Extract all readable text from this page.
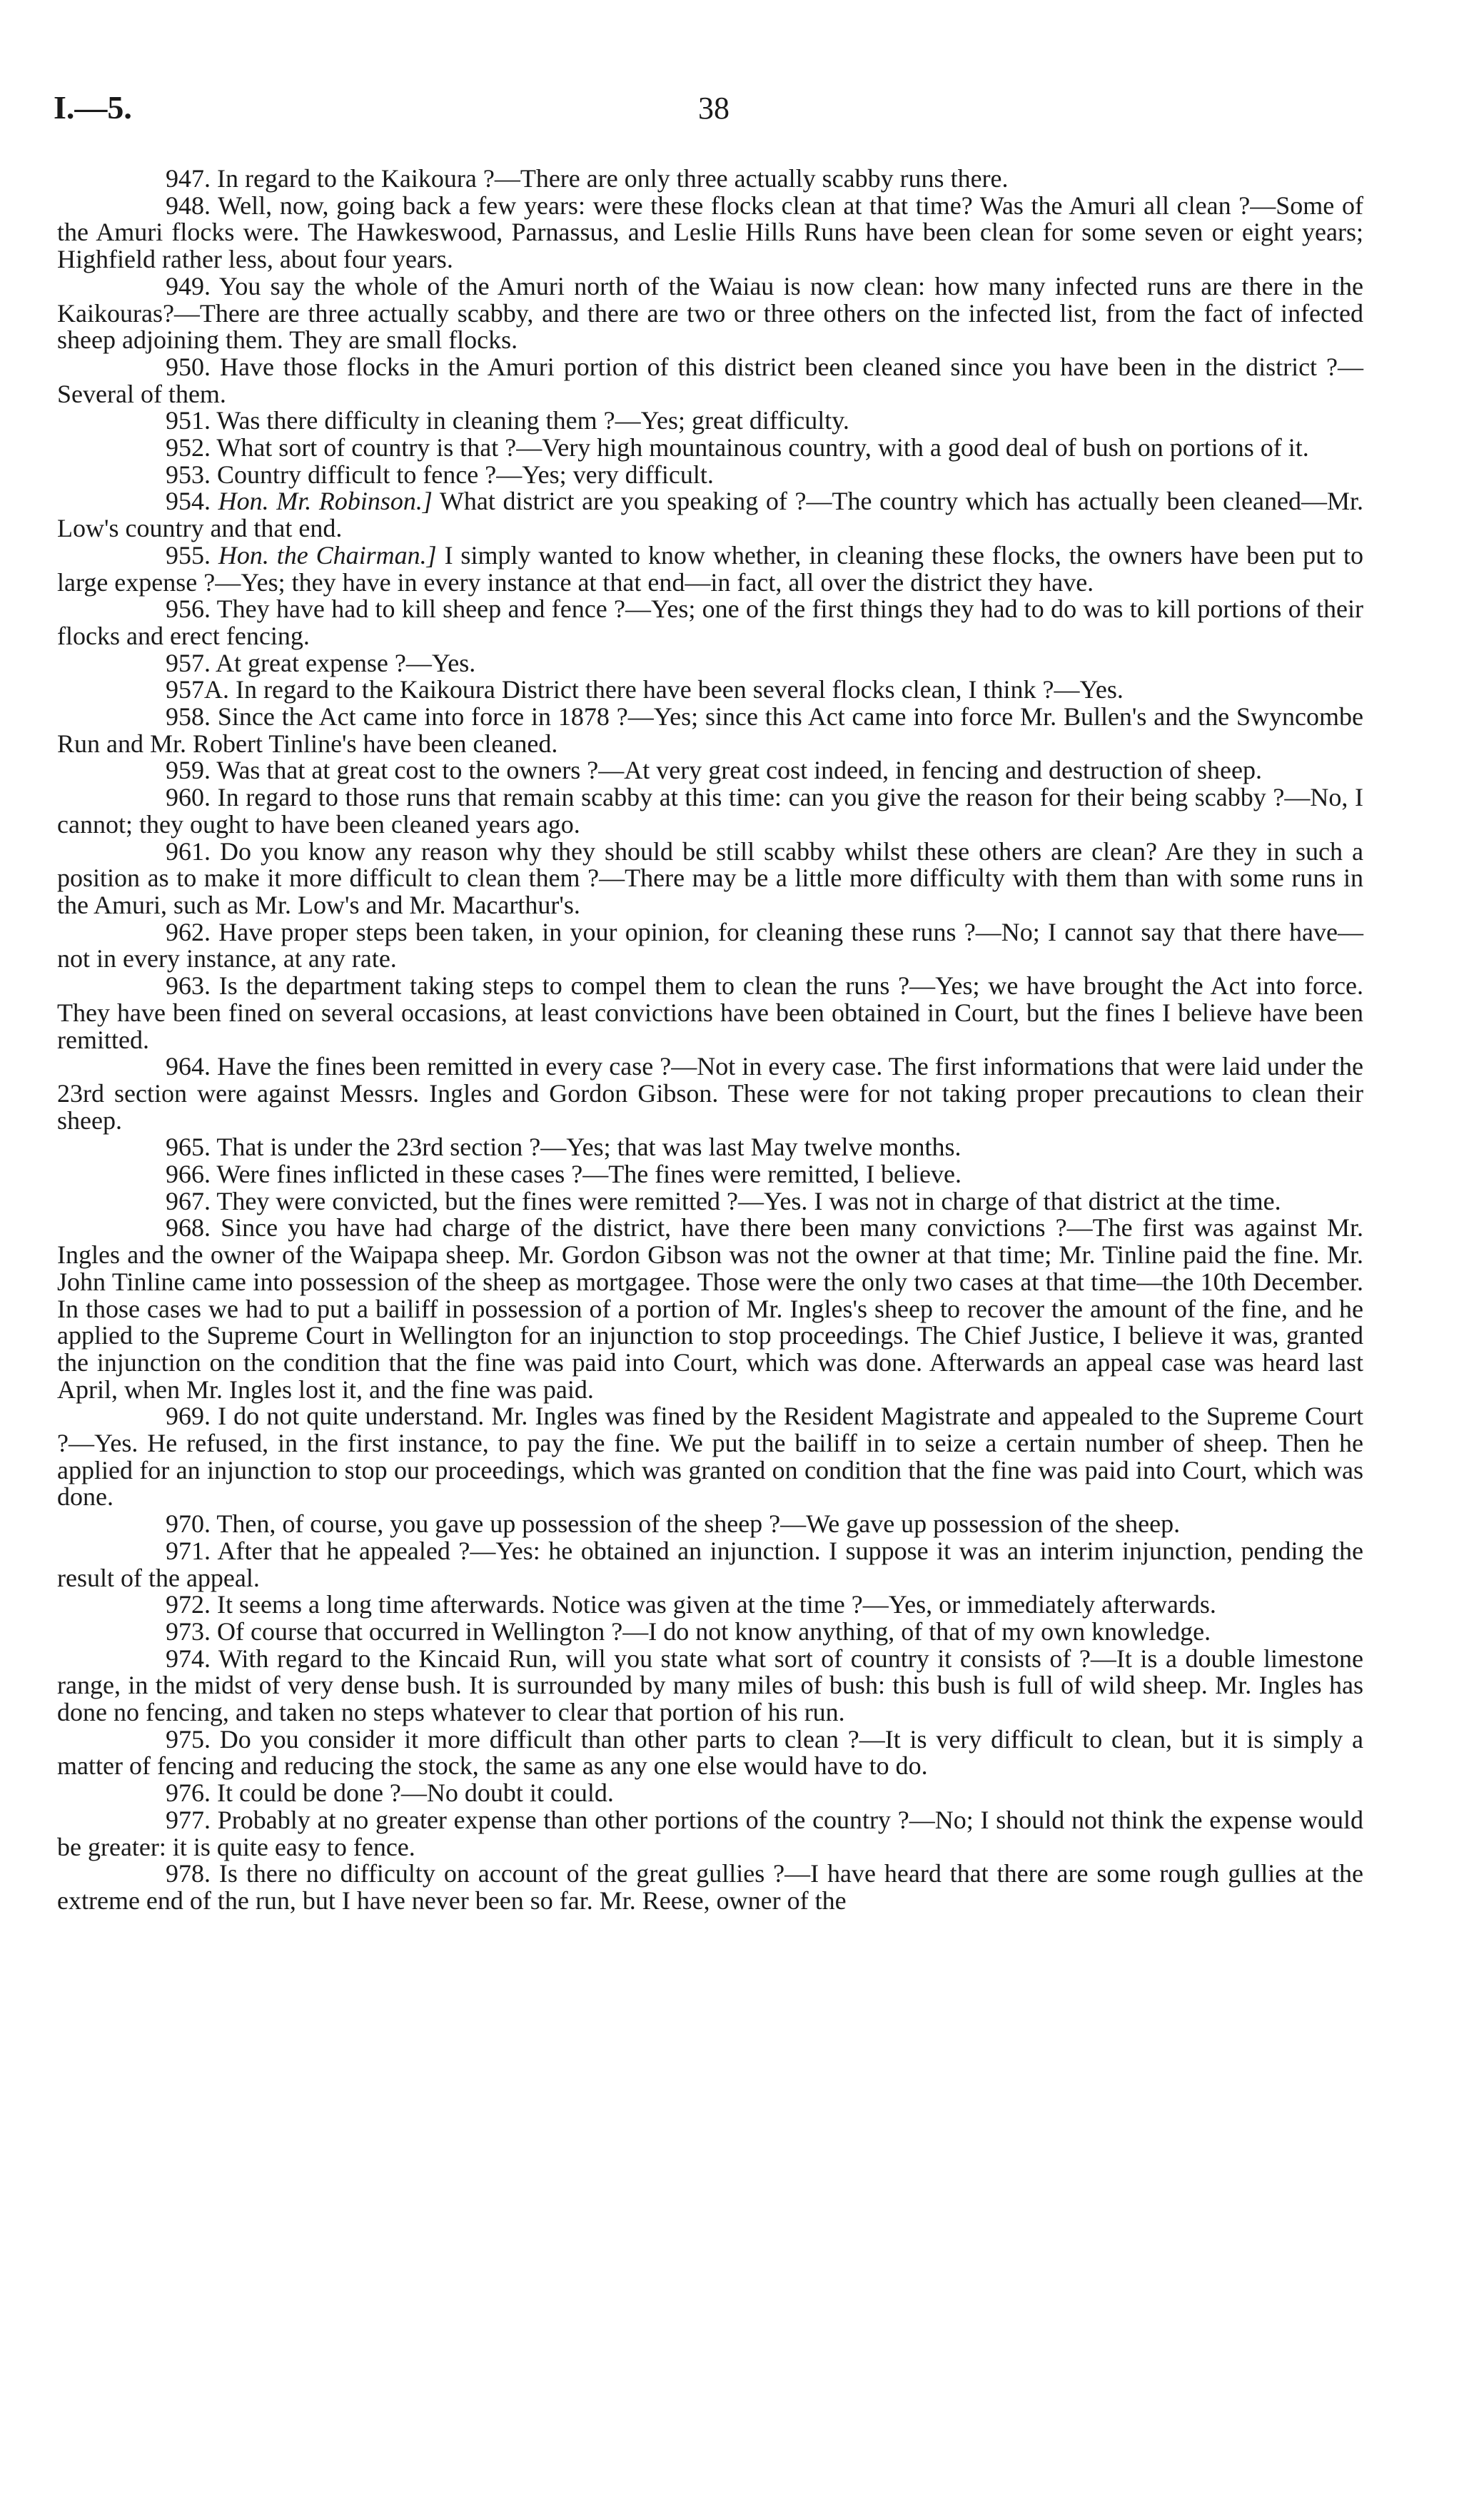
I.—5.	38

947. In regard to the Kaikoura ?—There are only three actually scabby runs there.

948. Well, now, going back a few years: were these flocks clean at that time? Was the Amuri all clean ?—Some of the Amuri flocks were. The Hawkeswood, Parnassus, and Leslie Hills Runs have been clean for some seven or eight years; Highfield rather less, about four years.

949. You say the whole of the Amuri north of the Waiau is now clean: how many infected runs are there in the Kaikouras?—There are three actually scabby, and there are two or three others on the infected list, from the fact of infected sheep adjoining them. They are small flocks.

950. Have those flocks in the Amuri portion of this district been cleaned since you have been in the district ?—Several of them.

951. Was there difficulty in cleaning them ?—Yes; great difficulty.

952. What sort of country is that ?—Very high mountainous country, with a good deal of bush on portions of it.

953. Country difficult to fence ?—Yes; very difficult.

954. Hon. Mr. Robinson.] What district are you speaking of ?—The country which has actually been cleaned—Mr. Low's country and that end.

955. Hon. the Chairman.] I simply wanted to know whether, in cleaning these flocks, the owners have been put to large expense ?—Yes; they have in every instance at that end—in fact, all over the district they have.

956. They have had to kill sheep and fence ?—Yes; one of the first things they had to do was to kill portions of their flocks and erect fencing.

957. At great expense ?—Yes.

957A. In regard to the Kaikoura District there have been several flocks clean, I think ?—Yes.

958. Since the Act came into force in 1878 ?—Yes; since this Act came into force Mr. Bullen's and the Swyncombe Run and Mr. Robert Tinline's have been cleaned.

959. Was that at great cost to the owners ?—At very great cost indeed, in fencing and destruction of sheep.

960. In regard to those runs that remain scabby at this time: can you give the reason for their being scabby ?—No, I cannot; they ought to have been cleaned years ago.

961. Do you know any reason why they should be still scabby whilst these others are clean? Are they in such a position as to make it more difficult to clean them ?—There may be a little more difficulty with them than with some runs in the Amuri, such as Mr. Low's and Mr. Macarthur's.

962. Have proper steps been taken, in your opinion, for cleaning these runs ?—No; I cannot say that there have—not in every instance, at any rate.

963. Is the department taking steps to compel them to clean the runs ?—Yes; we have brought the Act into force. They have been fined on several occasions, at least convictions have been obtained in Court, but the fines I believe have been remitted.

964. Have the fines been remitted in every case ?—Not in every case. The first informations that were laid under the 23rd section were against Messrs. Ingles and Gordon Gibson. These were for not taking proper precautions to clean their sheep.

965. That is under the 23rd section ?—Yes; that was last May twelve months.

966. Were fines inflicted in these cases ?—The fines were remitted, I believe.

967. They were convicted, but the fines were remitted ?—Yes. I was not in charge of that district at the time.

968. Since you have had charge of the district, have there been many convictions ?—The first was against Mr. Ingles and the owner of the Waipapa sheep. Mr. Gordon Gibson was not the owner at that time; Mr. Tinline paid the fine. Mr. John Tinline came into possession of the sheep as mortgagee. Those were the only two cases at that time—the 10th December. In those cases we had to put a bailiff in possession of a portion of Mr. Ingles's sheep to recover the amount of the fine, and he applied to the Supreme Court in Wellington for an injunction to stop proceedings. The Chief Justice, I believe it was, granted the injunction on the condition that the fine was paid into Court, which was done. Afterwards an appeal case was heard last April, when Mr. Ingles lost it, and the fine was paid.

969. I do not quite understand. Mr. Ingles was fined by the Resident Magistrate and appealed to the Supreme Court ?—Yes. He refused, in the first instance, to pay the fine. We put the bailiff in to seize a certain number of sheep. Then he applied for an injunction to stop our proceedings, which was granted on condition that the fine was paid into Court, which was done.

970. Then, of course, you gave up possession of the sheep ?—We gave up possession of the sheep.

971. After that he appealed ?—Yes: he obtained an injunction. I suppose it was an interim injunction, pending the result of the appeal.

972. It seems a long time afterwards. Notice was given at the time ?—Yes, or immediately afterwards.

973. Of course that occurred in Wellington ?—I do not know anything, of that of my own knowledge.

974. With regard to the Kincaid Run, will you state what sort of country it consists of ?—It is a double limestone range, in the midst of very dense bush. It is surrounded by many miles of bush: this bush is full of wild sheep. Mr. Ingles has done no fencing, and taken no steps whatever to clear that portion of his run.

975. Do you consider it more difficult than other parts to clean ?—It is very difficult to clean, but it is simply a matter of fencing and reducing the stock, the same as any one else would have to do.

976. It could be done ?—No doubt it could.

977. Probably at no greater expense than other portions of the country ?—No; I should not think the expense would be greater: it is quite easy to fence.

978. Is there no difficulty on account of the great gullies ?—I have heard that there are some rough gullies at the extreme end of the run, but I have never been so far. Mr. Reese, owner of the
